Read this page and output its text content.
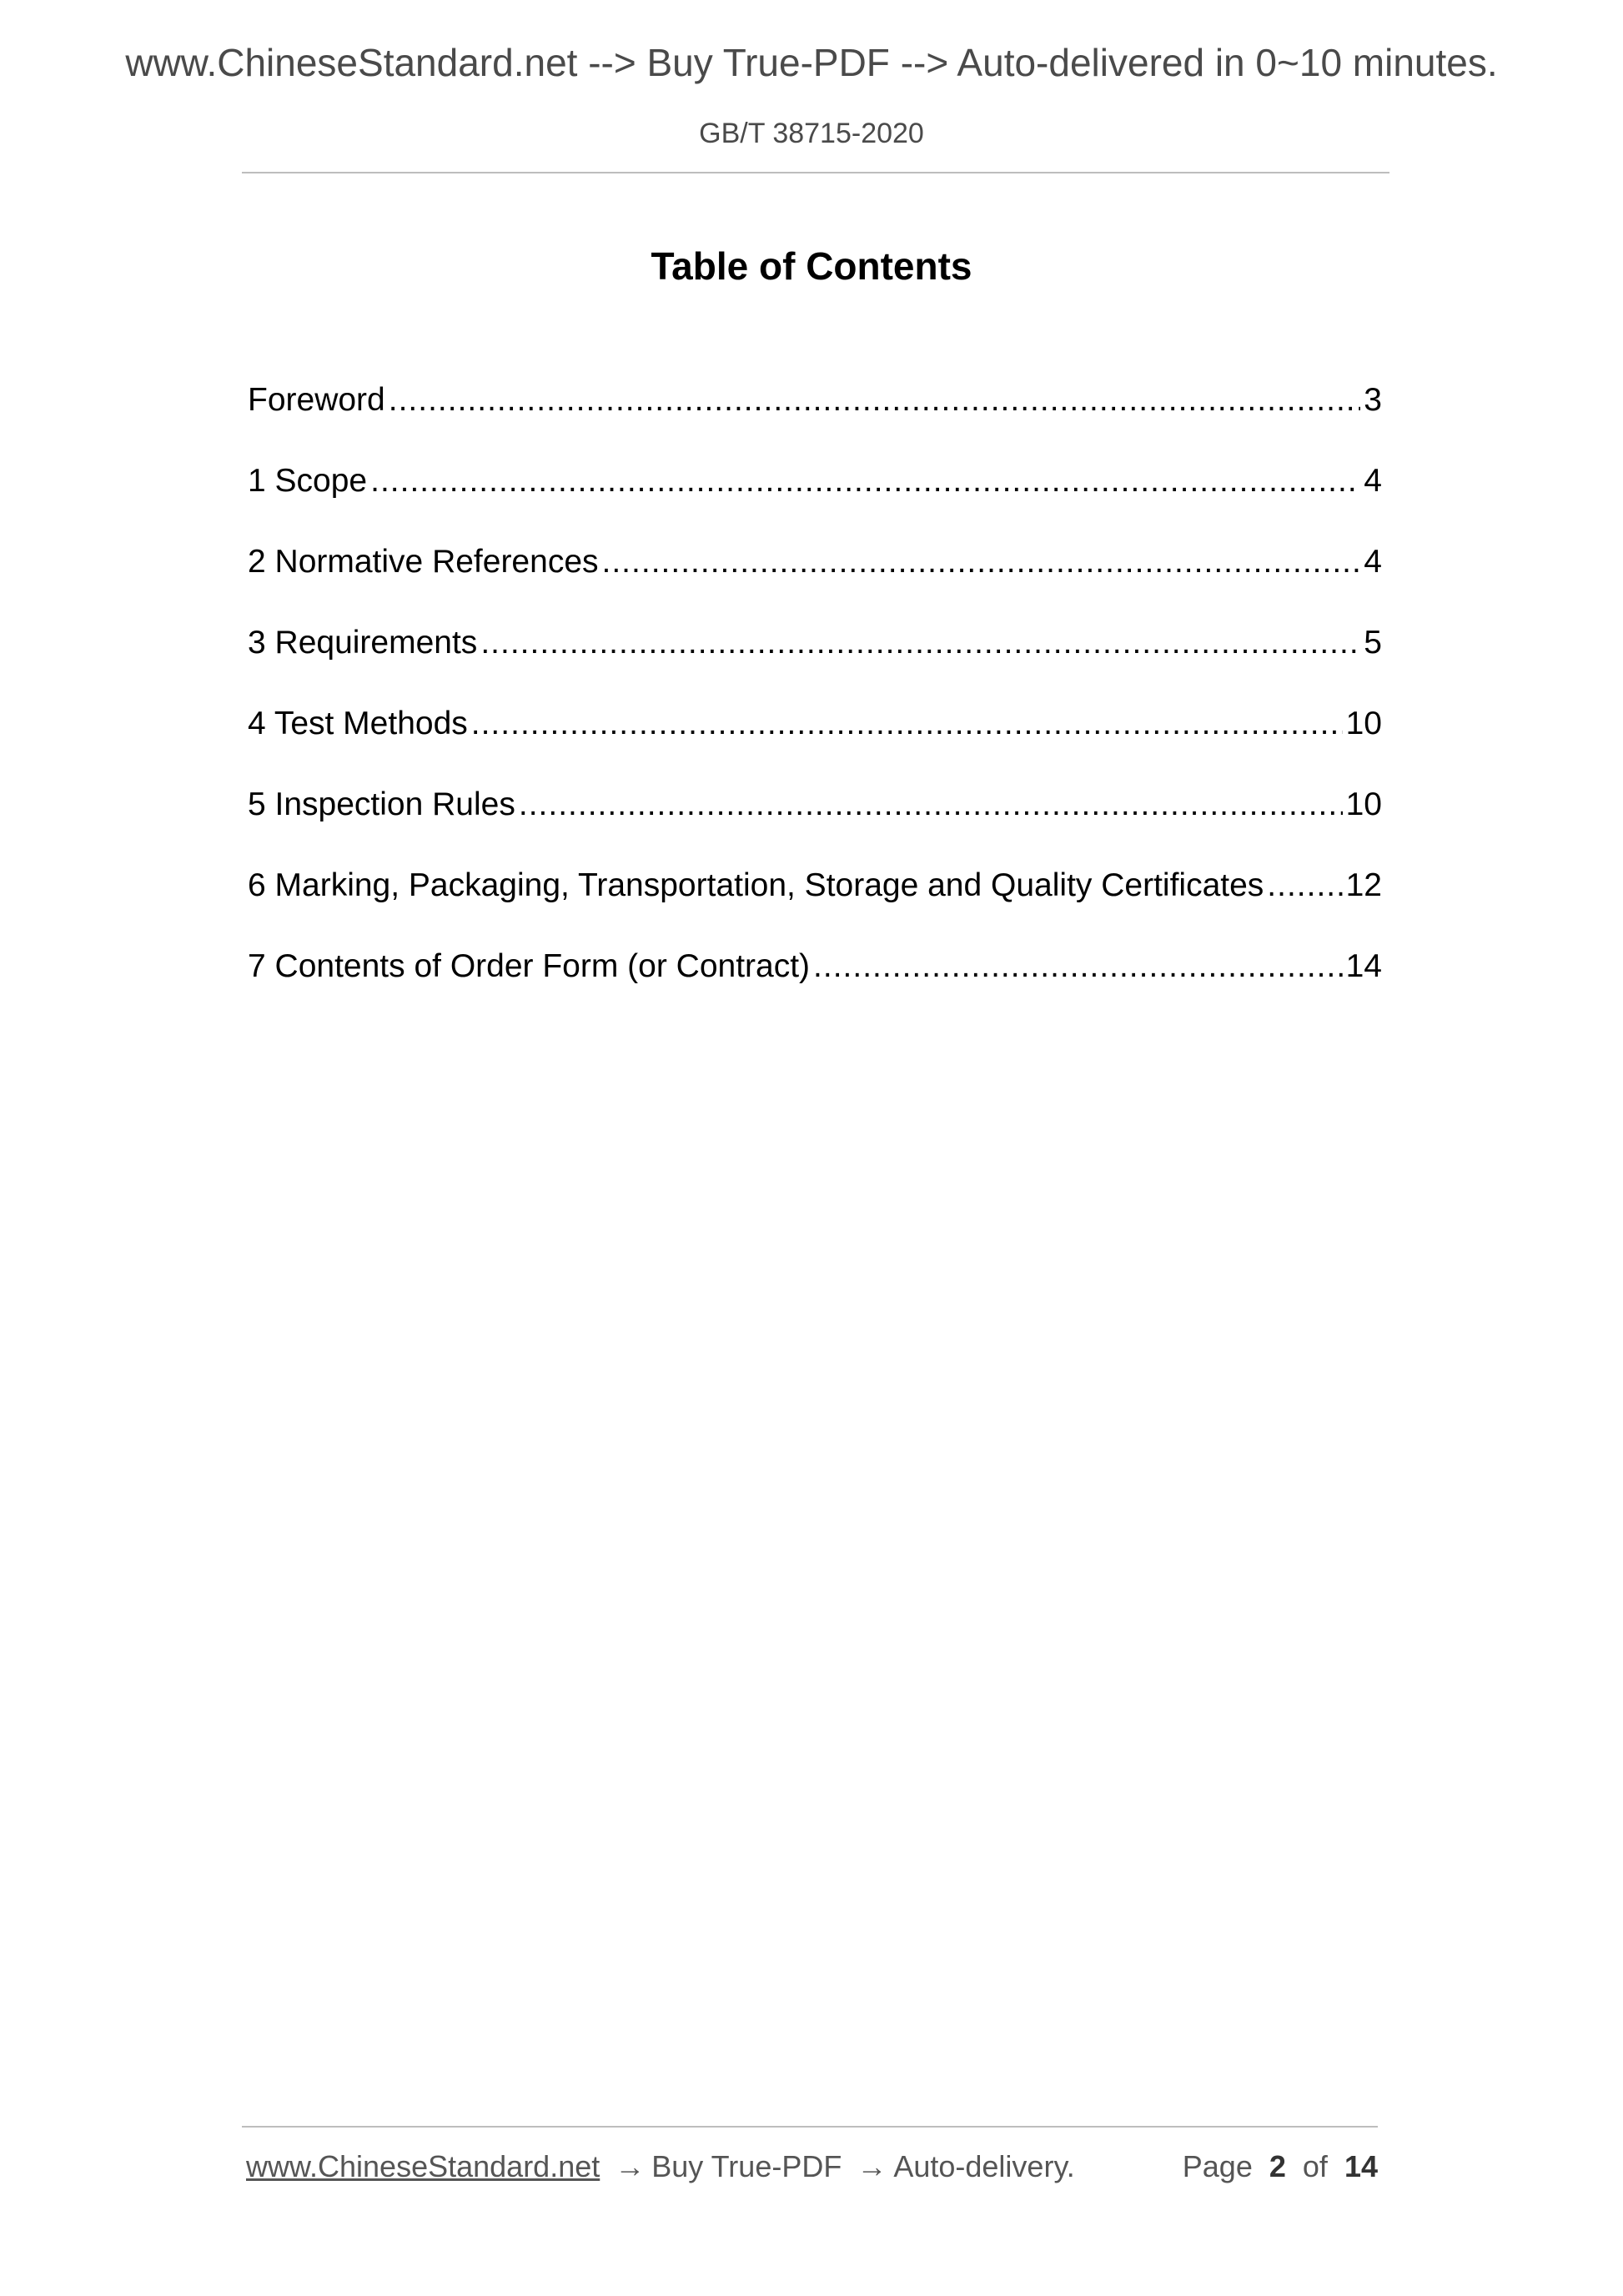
www.ChineseStandard.net --> Buy True-PDF --> Auto-delivered in 0~10 minutes.
GB/T 38715-2020
Table of Contents
Foreword .....	3
1 Scope .....	4
2 Normative References .....	4
3 Requirements .....	5
4 Test Methods .....	10
5 Inspection Rules .....	10
6 Marking, Packaging, Transportation, Storage and Quality Certificates .....	12
7 Contents of Order Form (or Contract) .....	14
www.ChineseStandard.net → Buy True-PDF → Auto-delivery.	Page 2 of 14
